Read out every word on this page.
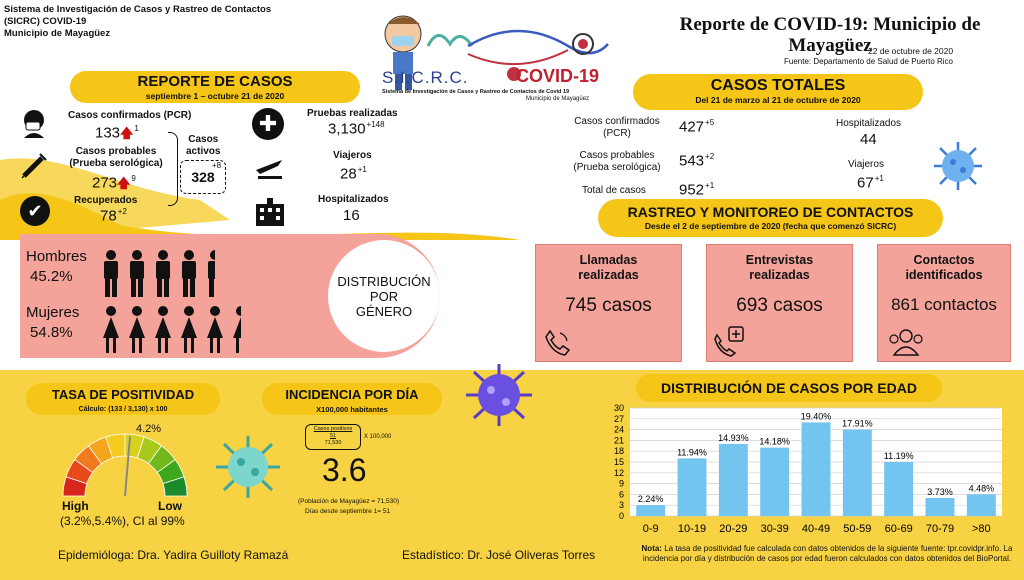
Sistema de Investigación de Casos y Rastreo de Contactos
(SICRC) COVID-19
Municipio de Mayagüez
S.I.C.R.C.	COVID-19
Sistema de Investigación de Casos y Rastreo de Contactos de Covid 19
Municipio de Mayagüez
Reporte de COVID-19: Municipio de
Mayagüez
22 de octubre de 2020
Fuente: Departamento de Salud de Puerto Rico
REPORTE DE CASOS
septiembre 1 – octubre 21 de 2020
✔
Casos confirmados (PCR)
133🡅$^1$
Casos probables
(Prueba serológica)
273🡅$^9$
Recuperados
$78^{+2}$
Casos
activos
328
+8
✚	Pruebas realizadas
$3,130^{+148}$
Viajeros
$28^{+1}$
Hospitalizados
16
CASOS TOTALES
Del 21 de marzo al 21 de octubre de 2020
Casos confirmados
(PCR)	$427^{+5}$
Casos probables
(Prueba serológica)	$543^{+2}$
Total de casos $952^{+1}$
Hospitalizados
44
Viajeros
$67^{+1}$
RASTREO Y MONITOREO DE CONTACTOS
Desde el 2 de septiembre de 2020 (fecha que comenzó SICRC)
Llamadas
realizadas
745 casos
Entrevistas
realizadas
693 casos
Contactos
identificados
861 contactos
Hombres
45.2%
Mujeres
54.8%
DISTRIBUCIÓN
POR
GÉNERO
TASA DE POSITIVIDAD
Cálculo: (133 / 3,130) x 100
4.2%
High	Low
(3.2%,5.4%), CI al 99%
INCIDENCIA POR DÍA
X100,000 habitantes
Casos positivos
51
71,530
X 100,000
3.6
(Población de Mayagüez = 71,530)
Días desde septiembre 1= 51
DISTRIBUCIÓN DE CASOS POR EDAD
0
3
6
9
12
15
18
21
24
27
30
2.24%
0-9
11.94%
10-19
14.93%
20-29
14.18%
30-39
19.40%
40-49
17.91%
50-59
11.19%
60-69
3.73%
70-79
4.48%
>80
Epidemióloga: Dra. Yadira Guilloty Ramazá	Estadístico: Dr. José Oliveras Torres	Nota: La tasa de positividad fue calculada con datos obtenidos de la siguiente fuente: tpr.covidpr.info. La incidencia por día y distribución de casos por edad fueron calculados con datos obtenidos del BioPortal.
